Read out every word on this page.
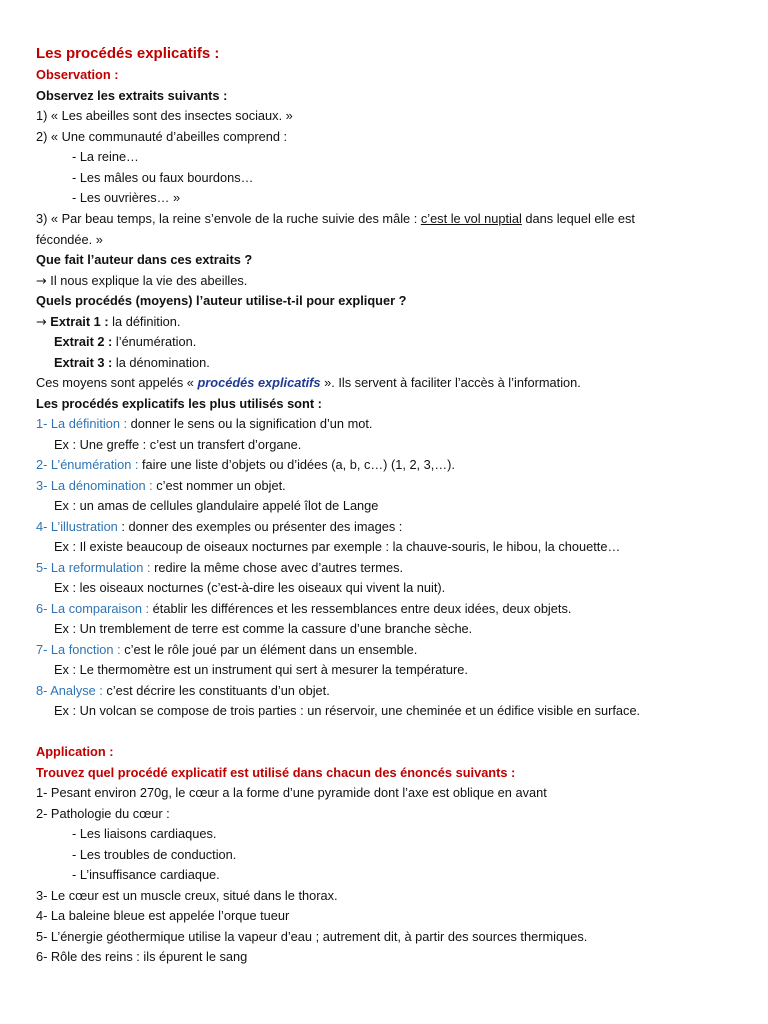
Les procédés explicatifs :
Observation :
Observez les extraits suivants :
1) « Les abeilles sont des insectes sociaux. »
2) « Une communauté d’abeilles comprend :
- La reine…
- Les mâles ou faux bourdons…
- Les ouvrières… »
3) « Par beau temps, la reine s’envole de la ruche suivie des mâle : c’est le vol nuptial dans lequel elle est
fécondée. »
Que fait l’auteur dans ces extraits ?
→ Il nous explique la vie des abeilles.
Quels procédés (moyens) l’auteur utilise-t-il pour expliquer ?
→ Extrait 1 : la définition.
Extrait 2 : l’énumération.
Extrait 3 : la dénomination.
Ces moyens sont appelés « procédés explicatifs ». Ils servent à faciliter l’accès à l’information.
Les procédés explicatifs les plus utilisés sont :
1- La définition : donner le sens ou la signification d’un mot.
Ex : Une greffe : c’est un transfert d’organe.
2- L’énumération : faire une liste d’objets ou d’idées (a, b, c…) (1, 2, 3,…).
3- La dénomination : c’est nommer un objet.
Ex : un amas de cellules glandulaire appelé îlot de Lange
4- L’illustration : donner des exemples ou présenter des images :
Ex : Il existe beaucoup de oiseaux nocturnes par exemple : la chauve-souris, le hibou, la chouette…
5- La reformulation : redire la même chose avec d’autres termes.
Ex : les oiseaux nocturnes (c’est-à-dire les oiseaux qui vivent la nuit).
6- La comparaison : établir les différences et les ressemblances entre deux idées, deux objets.
Ex : Un tremblement de terre est comme la cassure d’une branche sèche.
7- La fonction : c’est le rôle joué par un élément dans un ensemble.
Ex : Le thermomètre est un instrument qui sert à mesurer la température.
8- Analyse : c’est décrire les constituants d’un objet.
Ex : Un volcan se compose de trois parties : un réservoir, une cheminée et un édifice visible en surface.
Application :
Trouvez quel procédé explicatif est utilisé dans chacun des énoncés suivants :
1- Pesant environ 270g, le cœur a la forme d’une pyramide dont l’axe est oblique en avant
2- Pathologie du cœur :
- Les liaisons cardiaques.
- Les troubles de conduction.
- L’insuffisance cardiaque.
3- Le cœur est un muscle creux, situé dans le thorax.
4- La baleine bleue est appelée l’orque tueur
5- L’énergie géothermique utilise la vapeur d’eau ; autrement dit, à partir des sources thermiques.
6- Rôle des reins : ils épurent le sang
